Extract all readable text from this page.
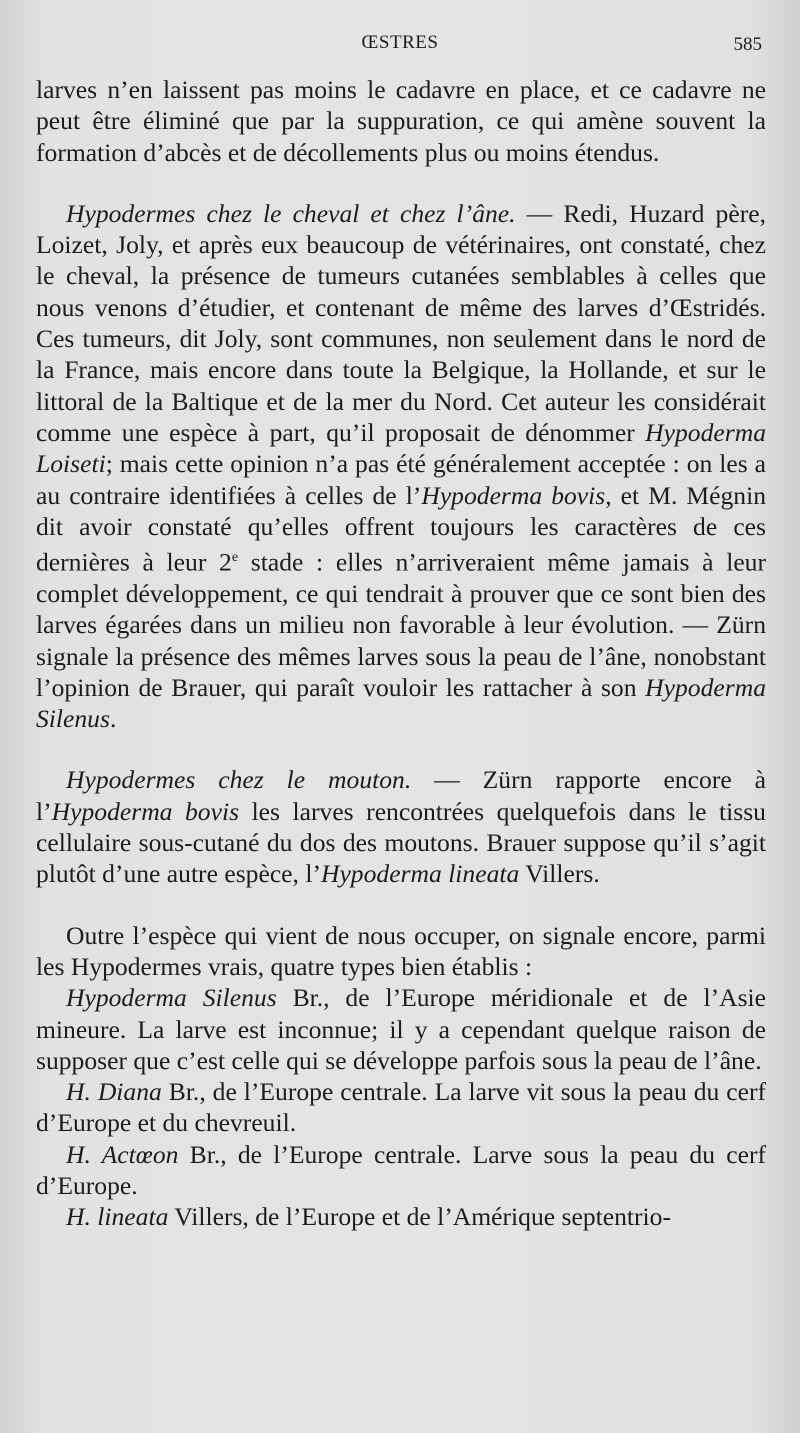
ŒSTRES	585

larves n’en laissent pas moins le cadavre en place, et ce cadavre ne peut être éliminé que par la suppuration, ce qui amène souvent la formation d’abcès et de décollements plus ou moins étendus.

Hypodermes chez le cheval et chez l’âne. — Redi, Huzard père, Loizet, Joly, et après eux beaucoup de vétérinaires, ont constaté, chez le cheval, la présence de tumeurs cutanées semblables à celles que nous venons d’étudier, et contenant de même des larves d’Œstridés. Ces tumeurs, dit Joly, sont communes, non seulement dans le nord de la France, mais encore dans toute la Belgique, la Hollande, et sur le littoral de la Baltique et de la mer du Nord. Cet auteur les considérait comme une espèce à part, qu’il proposait de dénommer Hypoderma Loiseti; mais cette opinion n’a pas été généralement acceptée : on les a au contraire identifiées à celles de l’Hypoderma bovis, et M. Mégnin dit avoir constaté qu’elles offrent toujours les caractères de ces dernières à leur 2e stade : elles n’arriveraient même jamais à leur complet développement, ce qui tendrait à prouver que ce sont bien des larves égarées dans un milieu non favorable à leur évolution. — Zürn signale la présence des mêmes larves sous la peau de l’âne, nonobstant l’opinion de Brauer, qui paraît vouloir les rattacher à son Hypoderma Silenus.

Hypodermes chez le mouton. — Zürn rapporte encore à l’Hypoderma bovis les larves rencontrées quelquefois dans le tissu cellulaire sous-cutané du dos des moutons. Brauer suppose qu’il s’agit plutôt d’une autre espèce, l’Hypoderma lineata Villers.

Outre l’espèce qui vient de nous occuper, on signale encore, parmi les Hypodermes vrais, quatre types bien établis :

Hypoderma Silenus Br., de l’Europe méridionale et de l’Asie mineure. La larve est inconnue; il y a cependant quelque raison de supposer que c’est celle qui se développe parfois sous la peau de l’âne.

H. Diana Br., de l’Europe centrale. La larve vit sous la peau du cerf d’Europe et du chevreuil.

H. Actœon Br., de l’Europe centrale. Larve sous la peau du cerf d’Europe.

H. lineata Villers, de l’Europe et de l’Amérique septentrio-
